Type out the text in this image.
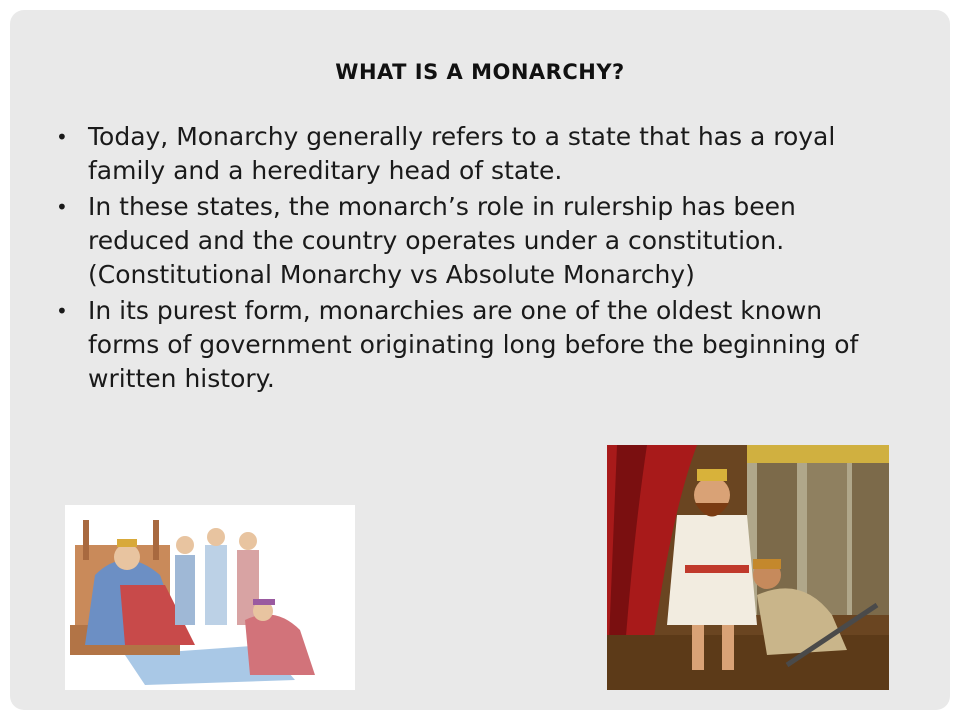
WHAT IS A MONARCHY?
• Today, Monarchy generally refers to a state that has a royal family and a hereditary head of state.
• In these states, the monarch’s role in rulership has been reduced and the country operates under a constitution. (Constitutional Monarchy vs Absolute Monarchy)
• In its purest form, monarchies are one of the oldest known forms of government originating long before the beginning of written history.
